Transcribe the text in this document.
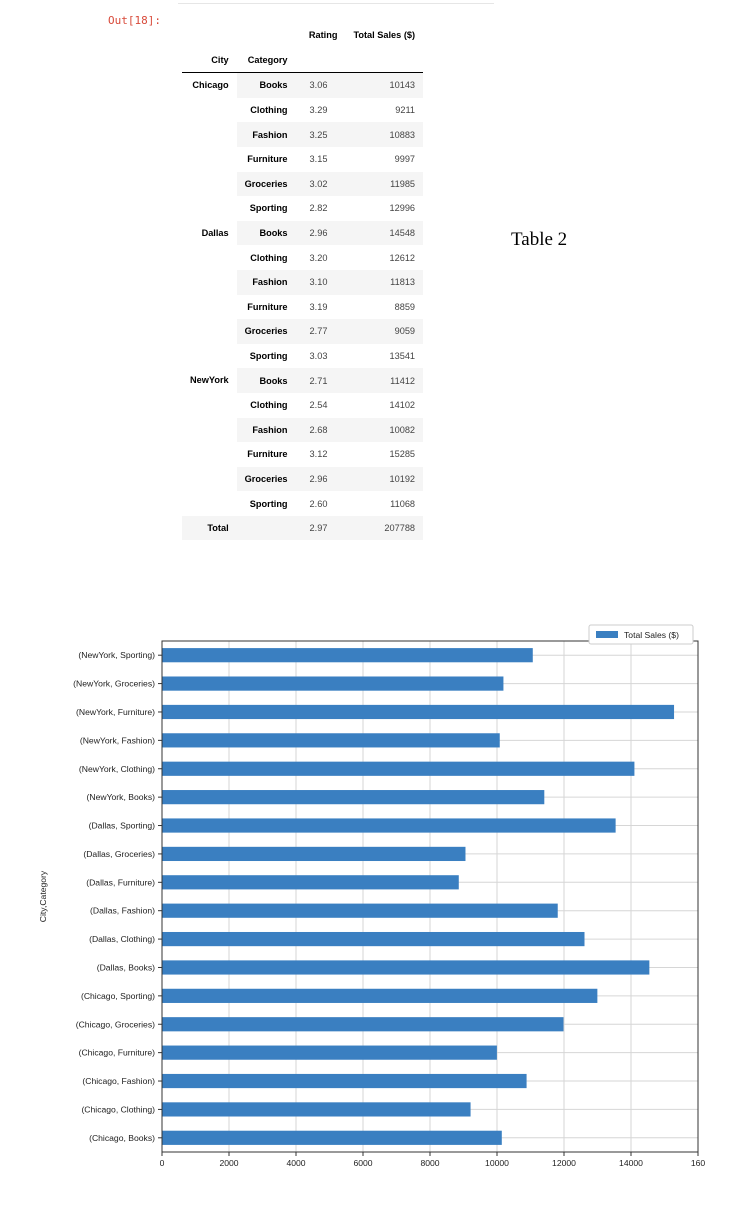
Out[18]:
		Rating	Total Sales ($)
City	Category		
Chicago	Books	3.06	10143
	Clothing	3.29	9211
	Fashion	3.25	10883
	Furniture	3.15	9997
	Groceries	3.02	11985
	Sporting	2.82	12996
Dallas	Books	2.96	14548
	Clothing	3.20	12612
	Fashion	3.10	11813
	Furniture	3.19	8859
	Groceries	2.77	9059
	Sporting	3.03	13541
NewYork	Books	2.71	11412
	Clothing	2.54	14102
	Fashion	2.68	10082
	Furniture	3.12	15285
	Groceries	2.96	10192
	Sporting	2.60	11068
Total		2.97	207788
Table 2
(Chicago, Books)
(Chicago, Clothing)
(Chicago, Fashion)
(Chicago, Furniture)
(Chicago, Groceries)
(Chicago, Sporting)
(Dallas, Books)
(Dallas, Clothing)
(Dallas, Fashion)
(Dallas, Furniture)
(Dallas, Groceries)
(Dallas, Sporting)
(NewYork, Books)
(NewYork, Clothing)
(NewYork, Fashion)
(NewYork, Furniture)
(NewYork, Groceries)
(NewYork, Sporting)
0	2000	4000	6000	8000	10000	12000	14000	160
City,Category
Total Sales ($)
